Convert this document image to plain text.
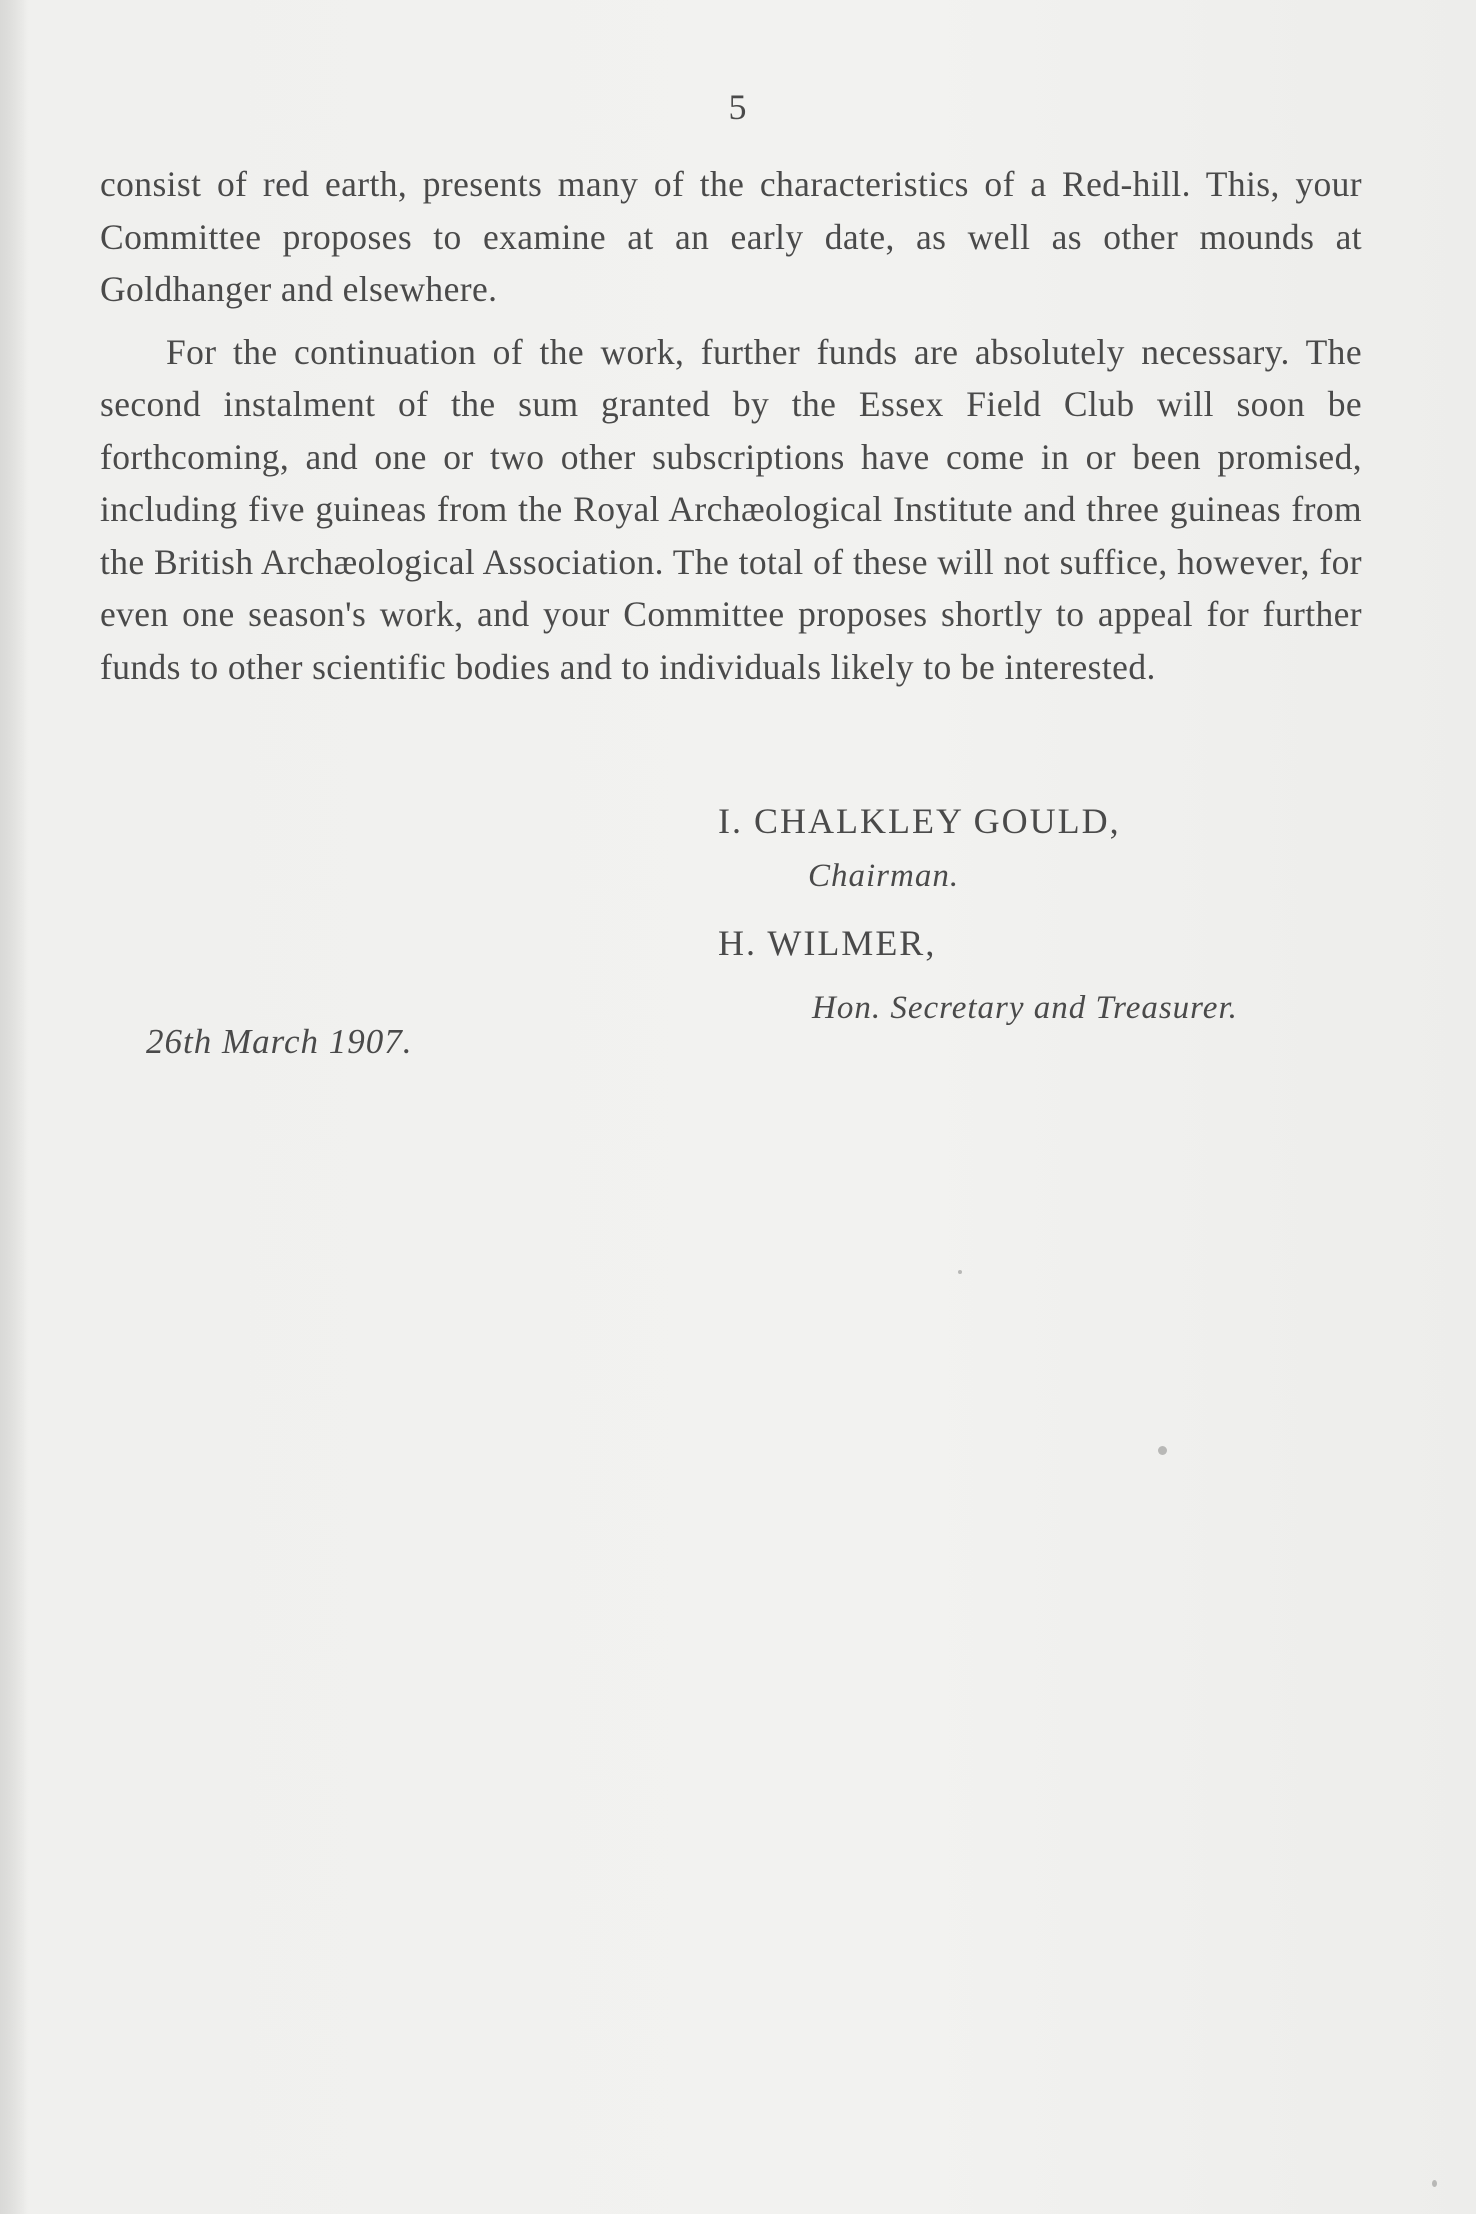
5

consist of red earth, presents many of the characteristics of a Red-hill. This, your Committee proposes to examine at an early date, as well as other mounds at Goldhanger and elsewhere.

For the continuation of the work, further funds are absolutely necessary. The second instalment of the sum granted by the Essex Field Club will soon be forthcoming, and one or two other subscriptions have come in or been promised, including five guineas from the Royal Archæological Institute and three guineas from the British Archæological Association. The total of these will not suffice, however, for even one season's work, and your Committee proposes shortly to appeal for further funds to other scientific bodies and to individuals likely to be interested.

I. CHALKLEY GOULD,
Chairman.
H. WILMER,
Hon. Secretary and Treasurer.
26th March 1907.
